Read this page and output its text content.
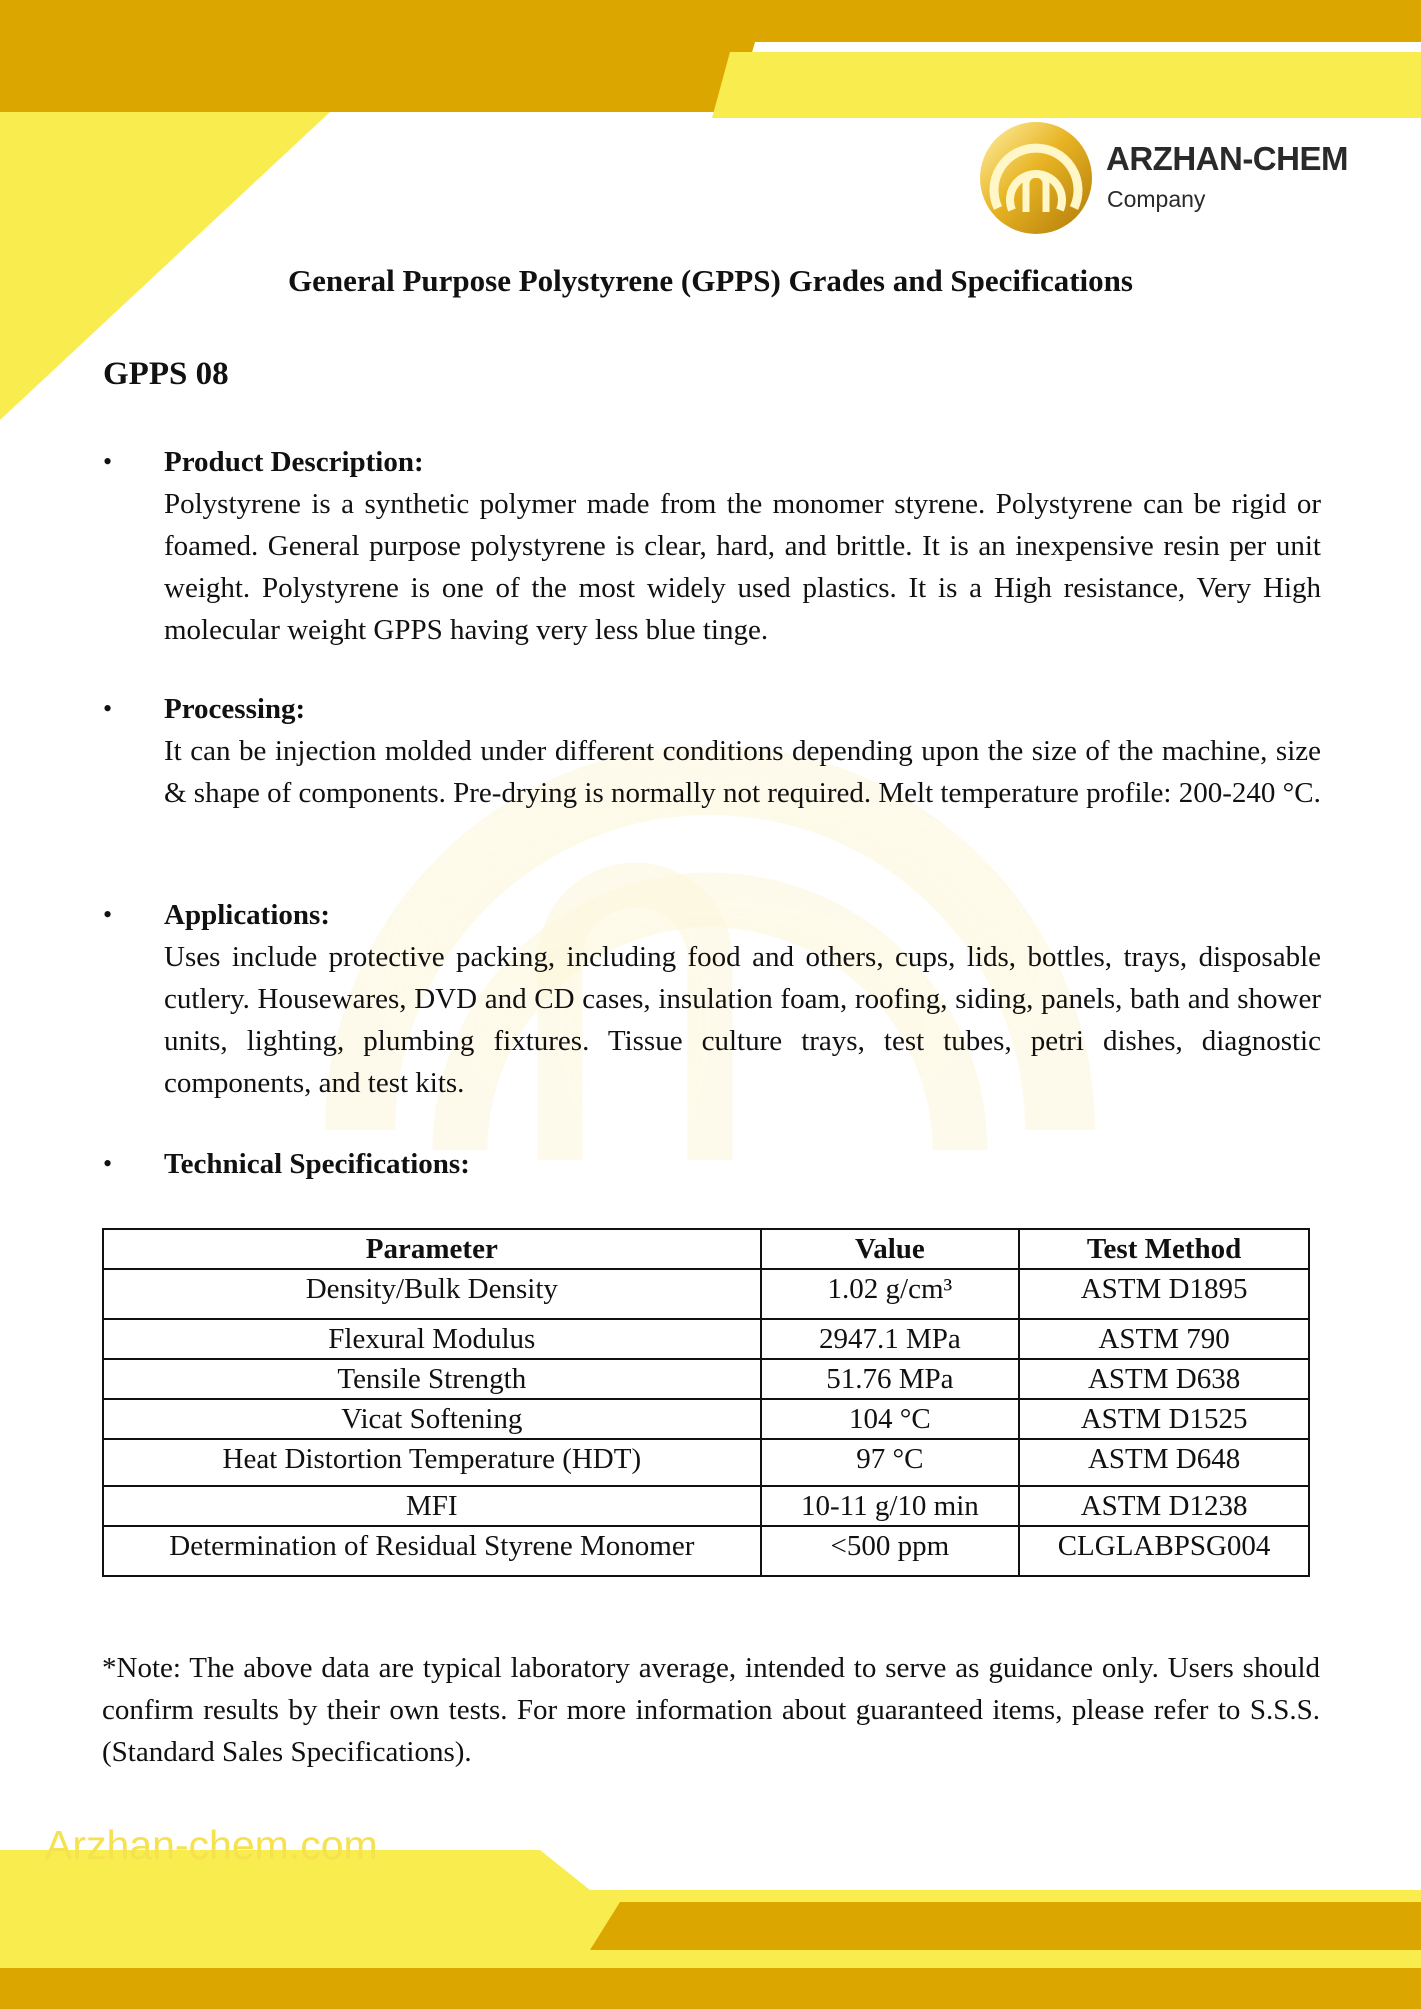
ARZHAN-CHEM
Company
General Purpose Polystyrene (GPPS) Grades and Specifications
GPPS 08
• Product Description:
Polystyrene is a synthetic polymer made from the monomer styrene. Polystyrene can be rigid or foamed. General purpose polystyrene is clear, hard, and brittle. It is an inexpensive resin per unit weight. Polystyrene is one of the most widely used plastics. It is a High resistance, Very High molecular weight GPPS having very less blue tinge.
• Processing:
It can be injection molded under different conditions depending upon the size of the machine, size & shape of components. Pre-drying is normally not required. Melt temperature profile: 200-240 °C.
• Applications:
Uses include protective packing, including food and others, cups, lids, bottles, trays, disposable cutlery. Housewares, DVD and CD cases, insulation foam, roofing, siding, panels, bath and shower units, lighting, plumbing fixtures. Tissue culture trays, test tubes, petri dishes, diagnostic components, and test kits.
• Technical Specifications:
Parameter	Value	Test Method
Density/Bulk Density	1.02 g/cm³	ASTM D1895
Flexural Modulus	2947.1 MPa	ASTM 790
Tensile Strength	51.76 MPa	ASTM D638
Vicat Softening	104 °C	ASTM D1525
Heat Distortion Temperature (HDT)	97 °C	ASTM D648
MFI	10-11 g/10 min	ASTM D1238
Determination of Residual Styrene Monomer	<500 ppm	CLGLABPSG004
*Note: The above data are typical laboratory average, intended to serve as guidance only. Users should confirm results by their own tests. For more information about guaranteed items, please refer to S.S.S. (Standard Sales Specifications).
Arzhan-chem.com
